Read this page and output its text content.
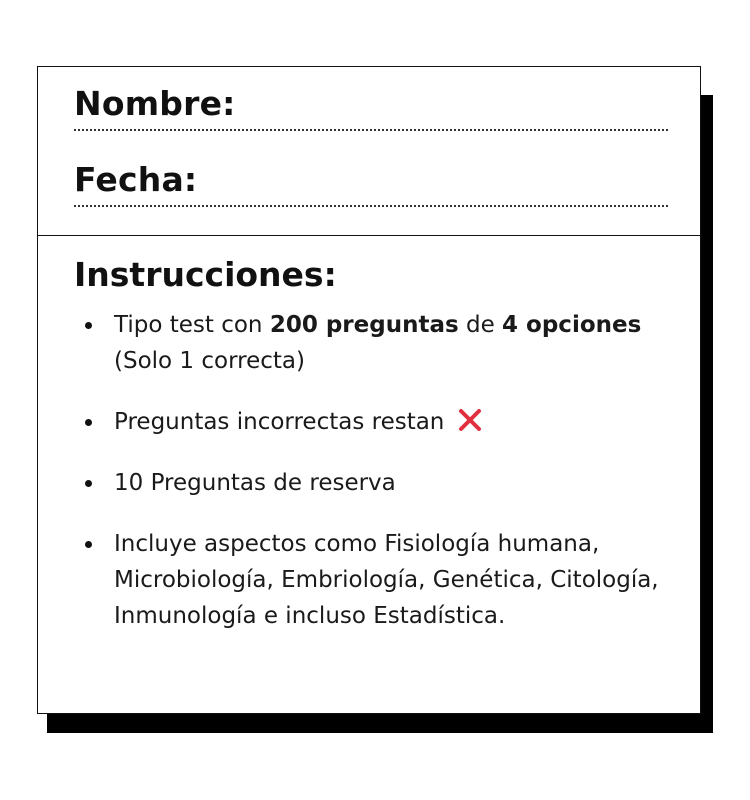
Nombre:
Fecha:
Instrucciones:
Tipo test con 200 preguntas de 4 opciones (Solo 1 correcta)
Preguntas incorrectas restan
10 Preguntas de reserva
Incluye aspectos como Fisiología humana, Microbiología, Embriología, Genética, Citología, Inmunología e incluso Estadística.
